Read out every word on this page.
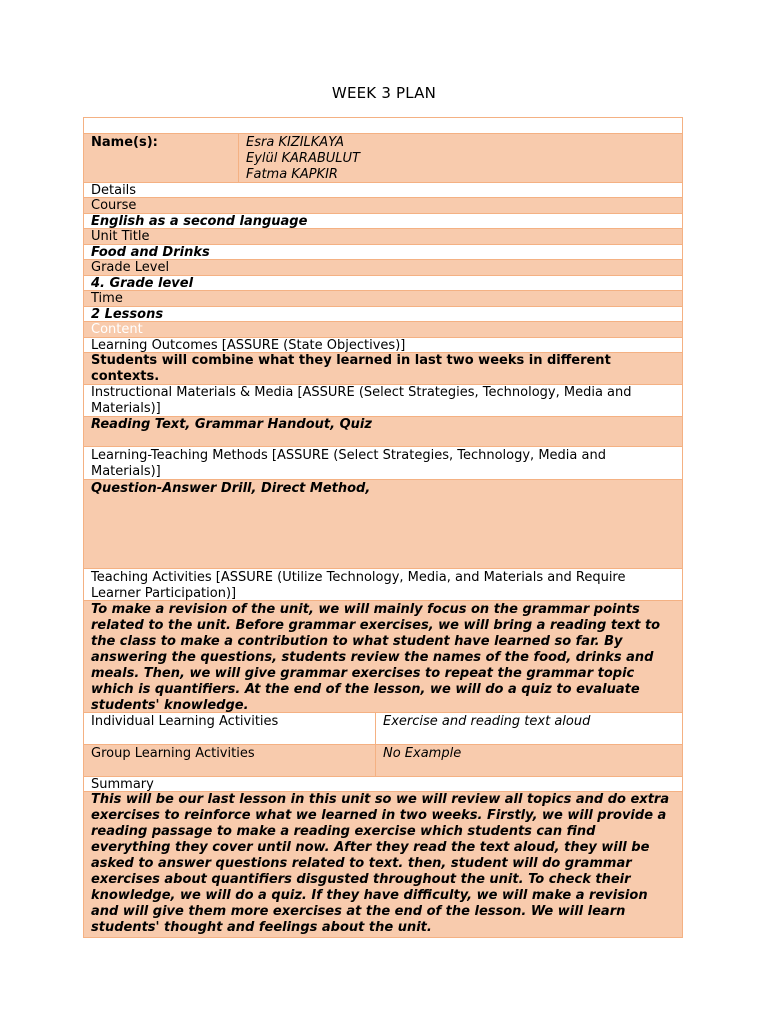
WEEK 3 PLAN
Name(s):	Esra KIZILKAYA
Eylül KARABULUT
Fatma KAPKIR
Details
Course
English as a second language
Unit Title
Food and Drinks
Grade Level
4. Grade level
Time
2 Lessons
Content
Learning Outcomes [ASSURE (State Objectives)]
Students will combine what they learned in last two weeks in different contexts.
Instructional Materials & Media [ASSURE (Select Strategies, Technology, Media and Materials)]
Reading Text, Grammar Handout, Quiz
Learning-Teaching Methods [ASSURE (Select Strategies, Technology, Media and Materials)]
Question-Answer Drill, Direct Method,
Teaching Activities [ASSURE (Utilize Technology, Media, and Materials and Require Learner Participation)]
To make a revision of the unit, we will mainly focus on the grammar points related to the unit. Before grammar exercises, we will bring a reading text to the class to make a contribution to what student have learned so far. By answering the questions, students review the names of the food, drinks and meals. Then, we will give grammar exercises to repeat the grammar topic which is quantifiers. At the end of the lesson, we will do a quiz to evaluate students' knowledge.
Individual Learning Activities	Exercise and reading text aloud
Group Learning Activities	No Example
Summary
This will be our last lesson in this unit so we will review all topics and do extra exercises to reinforce what we learned in two weeks. Firstly, we will provide a reading passage to make a reading exercise which students can find everything they cover until now. After they read the text aloud, they will be asked to answer questions related to text. then, student will do grammar exercises about quantifiers disgusted throughout the unit. To check their knowledge, we will do a quiz. If they have difficulty, we will make a revision and will give them more exercises at the end of the lesson. We will learn students' thought and feelings about the unit.
